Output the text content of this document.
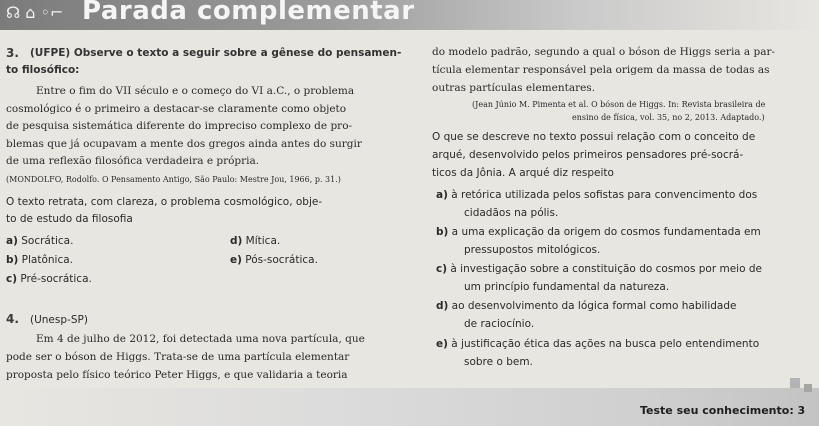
☊ ⌂ ◦⌐ Parada complementar
3. (UFPE) Observe o texto a seguir sobre a gênese do pensamen-
to filosófico:
Entre o fim do VII século e o começo do VI a.C., o problema
cosmológico é o primeiro a destacar-se claramente como objeto
de pesquisa sistemática diferente do impreciso complexo de pro-
blemas que já ocupavam a mente dos gregos ainda antes do surgir
de uma reflexão filosófica verdadeira e própria.
(MONDOLFO, Rodolfo. O Pensamento Antigo, São Paulo: Mestre Jou, 1966, p. 31.)
O texto retrata, com clareza, o problema cosmológico, obje-
to de estudo da filosofia
a) Socrática.	d) Mítica.
b) Platônica.	e) Pós-socrática.
c) Pré-socrática.
4. (Unesp-SP)
Em 4 de julho de 2012, foi detectada uma nova partícula, que
pode ser o bóson de Higgs. Trata-se de uma partícula elementar
proposta pelo físico teórico Peter Higgs, e que validaria a teoria
do modelo padrão, segundo a qual o bóson de Higgs seria a par-
tícula elementar responsável pela origem da massa de todas as
outras partículas elementares.
(Jean Júnio M. Pimenta et al. O bóson de Higgs. In: Revista brasileira de
ensino de física, vol. 35, no 2, 2013. Adaptado.)
O que se descreve no texto possui relação com o conceito de
arqué, desenvolvido pelos primeiros pensadores pré-socrá-
ticos da Jônia. A arqué diz respeito
a) à retórica utilizada pelos sofistas para convencimento dos
cidadãos na pólis.
b) a uma explicação da origem do cosmos fundamentada em
pressupostos mitológicos.
c) à investigação sobre a constituição do cosmos por meio de
um princípio fundamental da natureza.
d) ao desenvolvimento da lógica formal como habilidade
de raciocínio.
e) à justificação ética das ações na busca pelo entendimento
sobre o bem.
Teste seu conhecimento: 3
